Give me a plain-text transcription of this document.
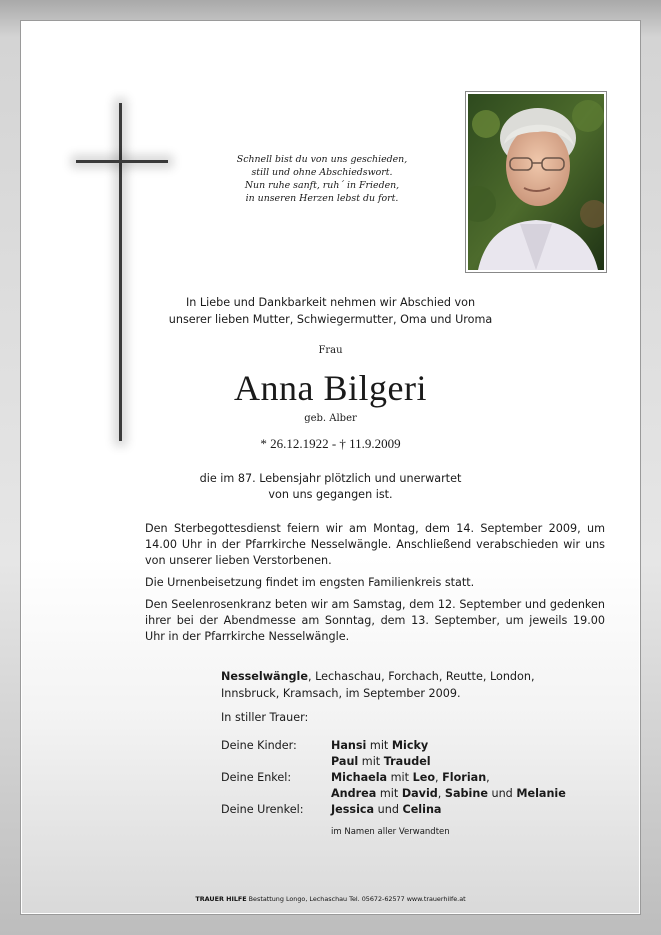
Schnell bist du von uns geschieden,
still und ohne Abschiedswort.
Nun ruhe sanft, ruh´ in Frieden,
in unseren Herzen lebst du fort.
In Liebe und Dankbarkeit nehmen wir Abschied von
unserer lieben Mutter, Schwiegermutter, Oma und Uroma
Frau
Anna Bilgeri
geb. Alber
* 26.12.1922 - † 11.9.2009
die im 87. Lebensjahr plötzlich und unerwartet
von uns gegangen ist.

Den Sterbegottesdienst feiern wir am Montag, dem 14. September 2009, um 14.00 Uhr in der Pfarrkirche Nesselwängle. Anschließend verabschieden wir uns von unserer lieben Verstorbenen.

Die Urnenbeisetzung findet im engsten Familienkreis statt.

Den Seelenrosenkranz beten wir am Samstag, dem 12. September und gedenken ihrer bei der Abendmesse am Sonntag, dem 13. September, um jeweils 19.00 Uhr in der Pfarrkirche Nesselwängle.

Nesselwängle, Lechaschau, Forchach, Reutte, London,
Innsbruck, Kramsach, im September 2009.
In stiller Trauer:
Deine Kinder:	Hansi mit Micky
Paul mit Traudel
Deine Enkel:	Michaela mit Leo, Florian,
Andrea mit David, Sabine und Melanie
Deine Urenkel:	Jessica und Celina
im Namen aller Verwandten
TRAUER HILFE Bestattung Longo, Lechaschau Tel. 05672-62577 www.trauerhilfe.at
